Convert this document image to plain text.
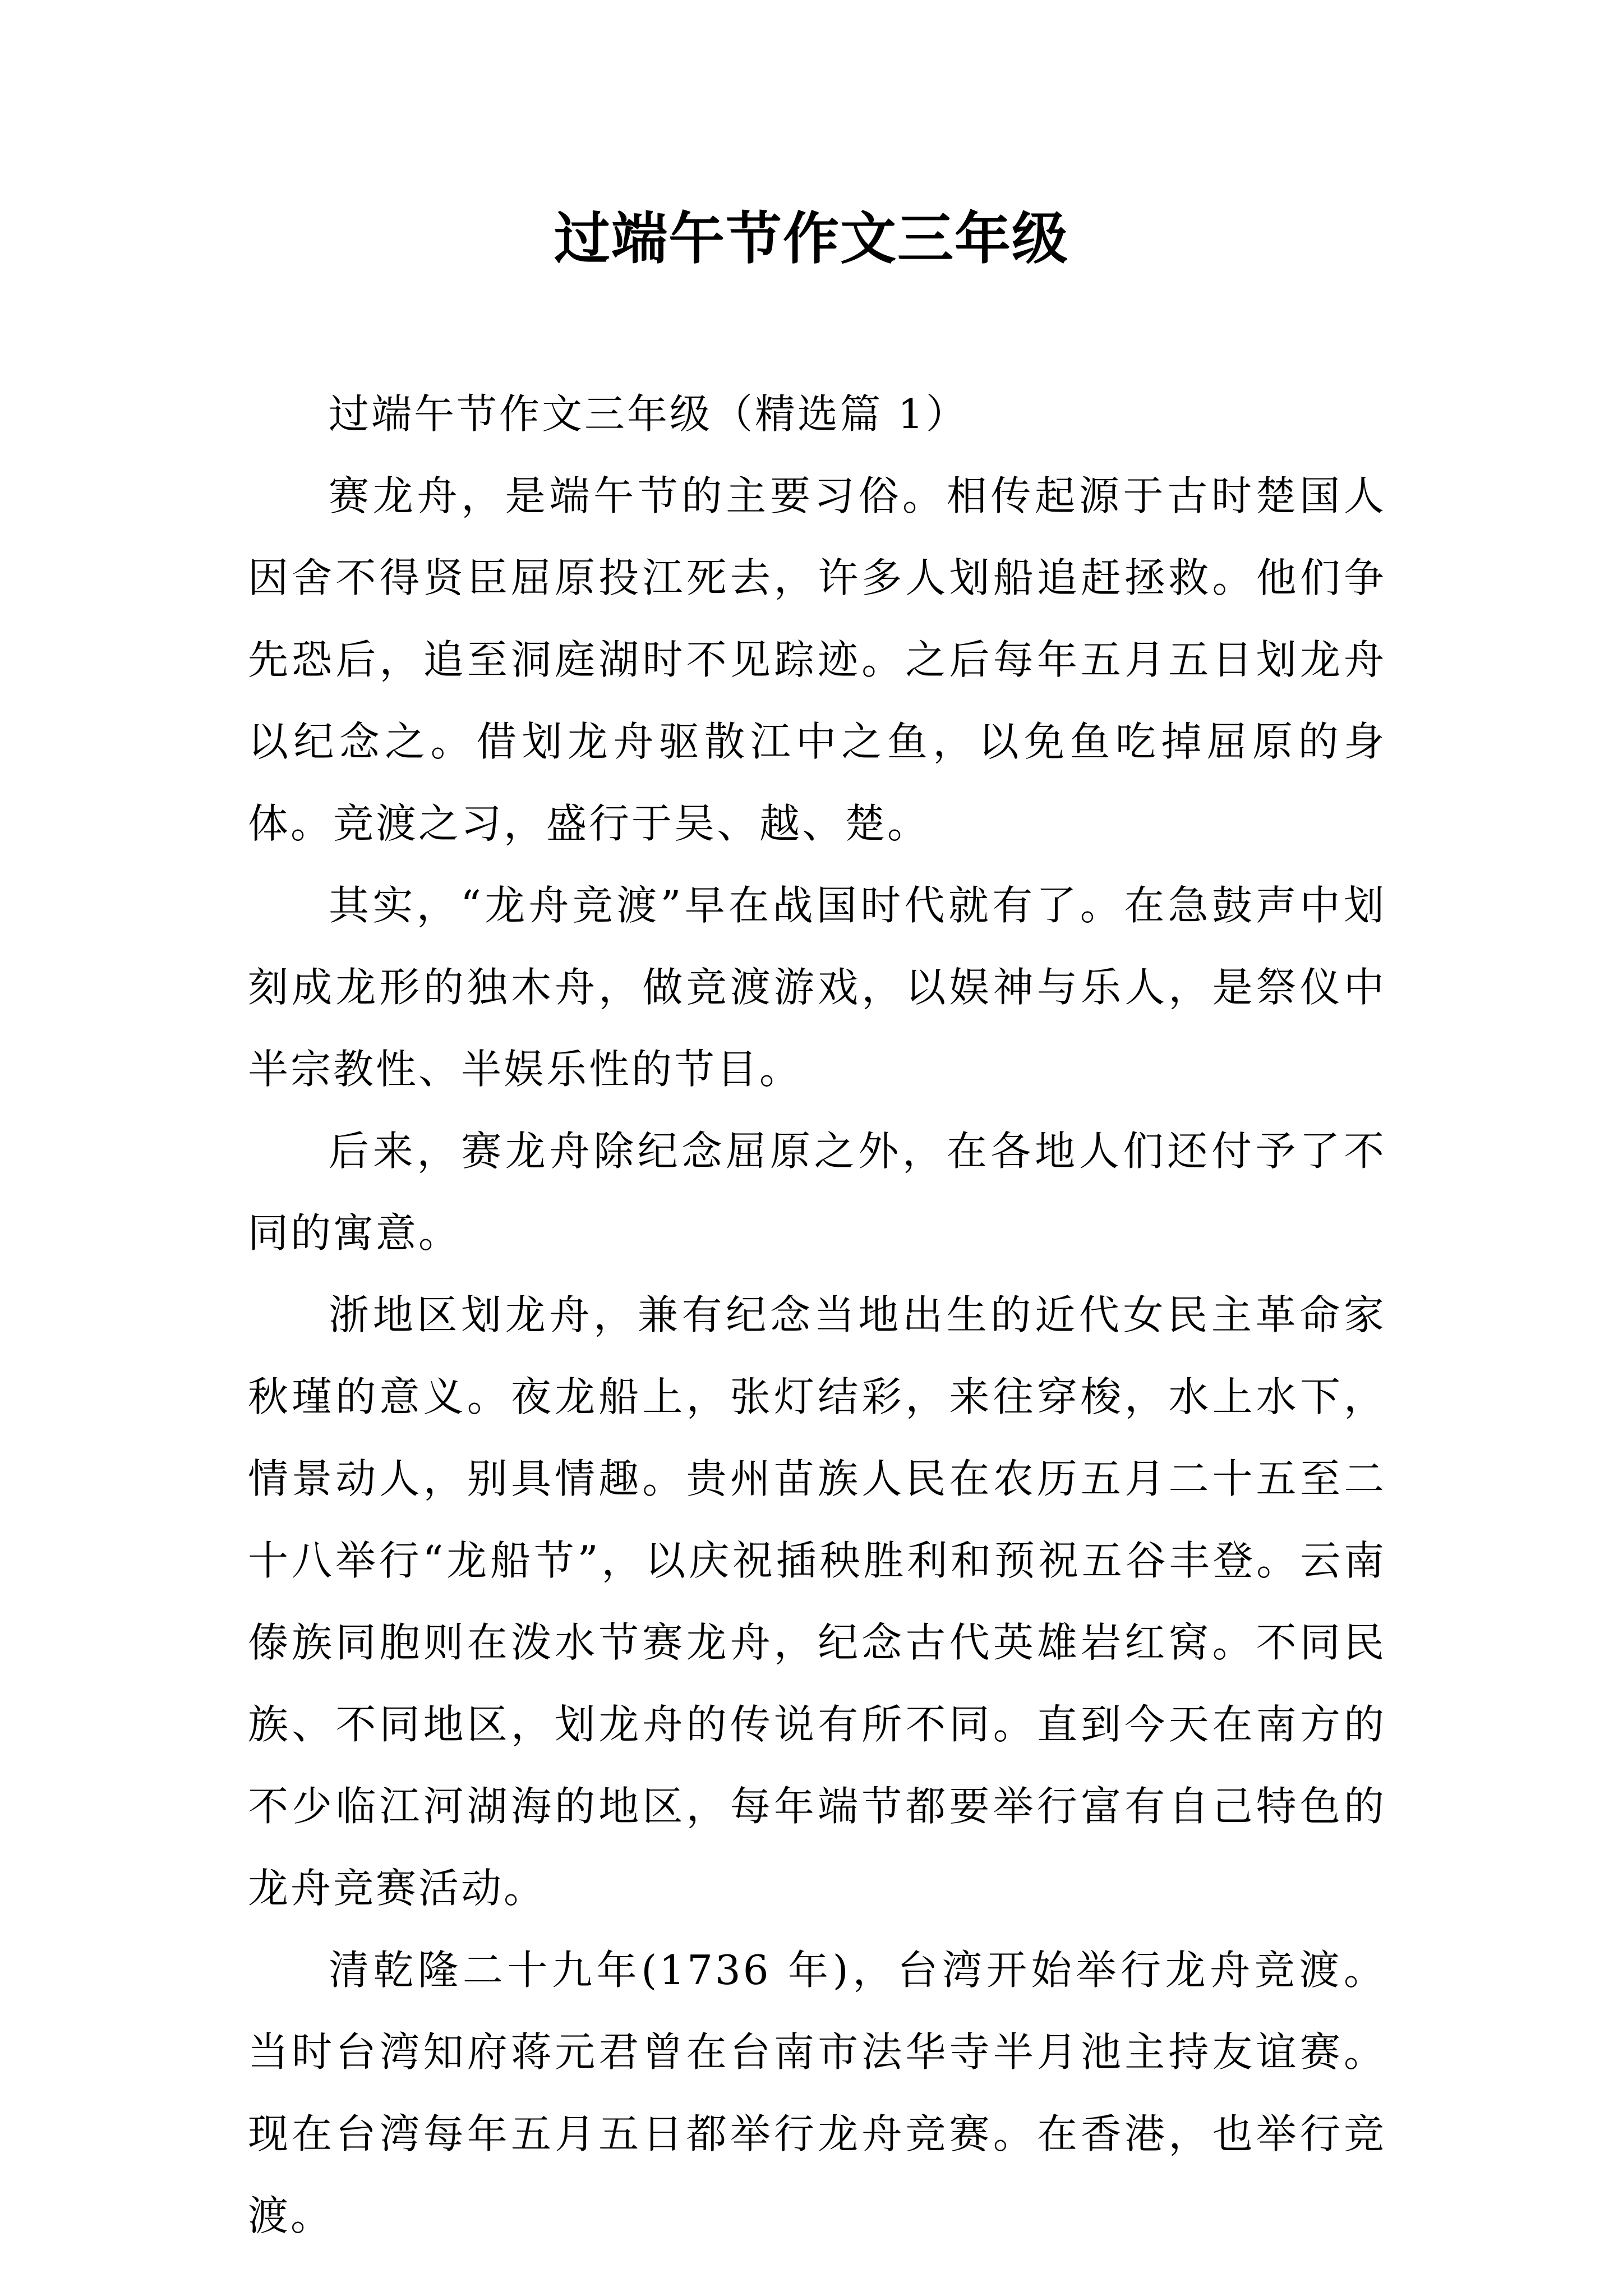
过端午节作文三年级

过端午节作文三年级（精选篇 1）

赛龙舟，是端午节的主要习俗。相传起源于古时楚国人因舍不得贤臣屈原投江死去，许多人划船追赶拯救。他们争先恐后，追至洞庭湖时不见踪迹。之后每年五月五日划龙舟以纪念之。借划龙舟驱散江中之鱼，以免鱼吃掉屈原的身体。竞渡之习，盛行于吴、越、楚。

其实，“龙舟竞渡”早在战国时代就有了。在急鼓声中划刻成龙形的独木舟，做竞渡游戏，以娱神与乐人，是祭仪中半宗教性、半娱乐性的节目。

后来，赛龙舟除纪念屈原之外，在各地人们还付予了不同的寓意。

浙地区划龙舟，兼有纪念当地出生的近代女民主革命家秋瑾的意义。夜龙船上，张灯结彩，来往穿梭，水上水下，情景动人，别具情趣。贵州苗族人民在农历五月二十五至二十八举行“龙船节”，以庆祝插秧胜利和预祝五谷丰登。云南傣族同胞则在泼水节赛龙舟，纪念古代英雄岩红窝。不同民族、不同地区，划龙舟的传说有所不同。直到今天在南方的不少临江河湖海的地区，每年端节都要举行富有自己特色的龙舟竞赛活动。

清乾隆二十九年(1736 年)，台湾开始举行龙舟竞渡。当时台湾知府蒋元君曾在台南市法华寺半月池主持友谊赛。现在台湾每年五月五日都举行龙舟竞赛。在香港，也举行竞渡。
